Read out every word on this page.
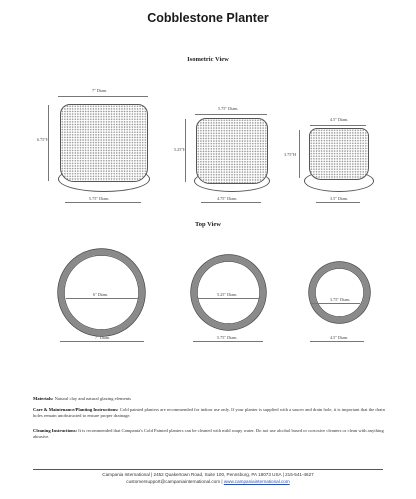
Cobblestone Planter
Isometric View
7" Diam.
6.75"H
5.75" Diam.
5.75" Diam.
5.25"H
4.75" Diam.
4.5" Diam.
3.75"H
3.5" Diam.
Top View
6" Diam.
7" Diam.
5.25" Diam.
5.75" Diam.
3.75" Diam.
4.5" Diam.
Materials: Natural clay and natural glazing elements
Care & Maintenance/Planting Instructions: Cold painted planters are recommended for indoor use only. If your planter is supplied with a saucer and drain hole, it is important that the drain holes remain unobstructed to ensure proper drainage.
Cleaning Instructions: It is recommended that Campania's Cold Painted planters can be cleaned with mild soapy water. Do not use alcohol based or corrosive cleaners or clean with anything abrasive.
Campania International | 2452 Quakertown Road, Suite 100, Pennsburg, PA 18073 USA | 215-541-4627
customersupport@campaniainternational.com | www.campaniainternational.com
